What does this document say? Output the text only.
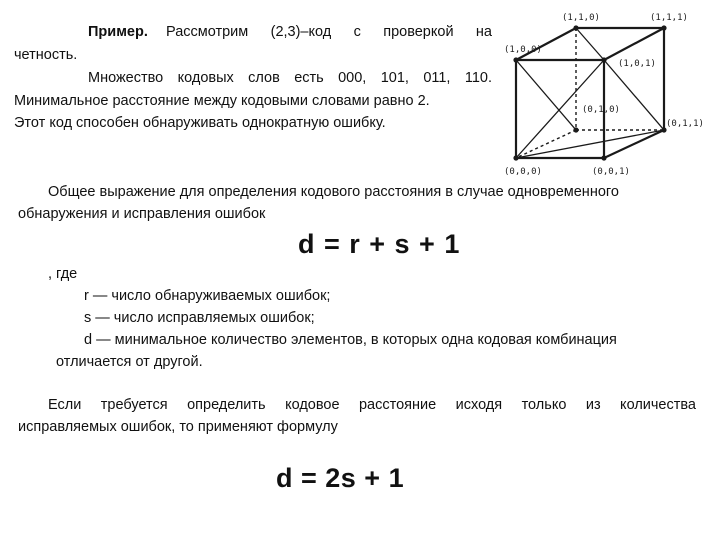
Пример. Рассмотрим (2,3)–код с проверкой на

четность.

Множество кодовых слов есть 000, 101, 011, 110.

Минимальное расстояние между кодовыми словами равно 2.

Этот код способен обнаруживать однократную ошибку.

(1,1,0)	(1,1,1)
(1,0,0)
(1,0,1)
(0,1,0)
(0,1,1)
(0,0,0)	(0,0,1)

Общее выражение для определения кодового расстояния в случае одновременного

обнаружения и исправления ошибок

d = r + s + 1

, где

r — число обнаруживаемых ошибок;

s — число исправляемых ошибок;

d — минимальное количество элементов, в которых одна кодовая комбинация

отличается от другой.

Если требуется определить кодовое расстояние исходя только из количества

исправляемых ошибок, то применяют формулу

d = 2s + 1
